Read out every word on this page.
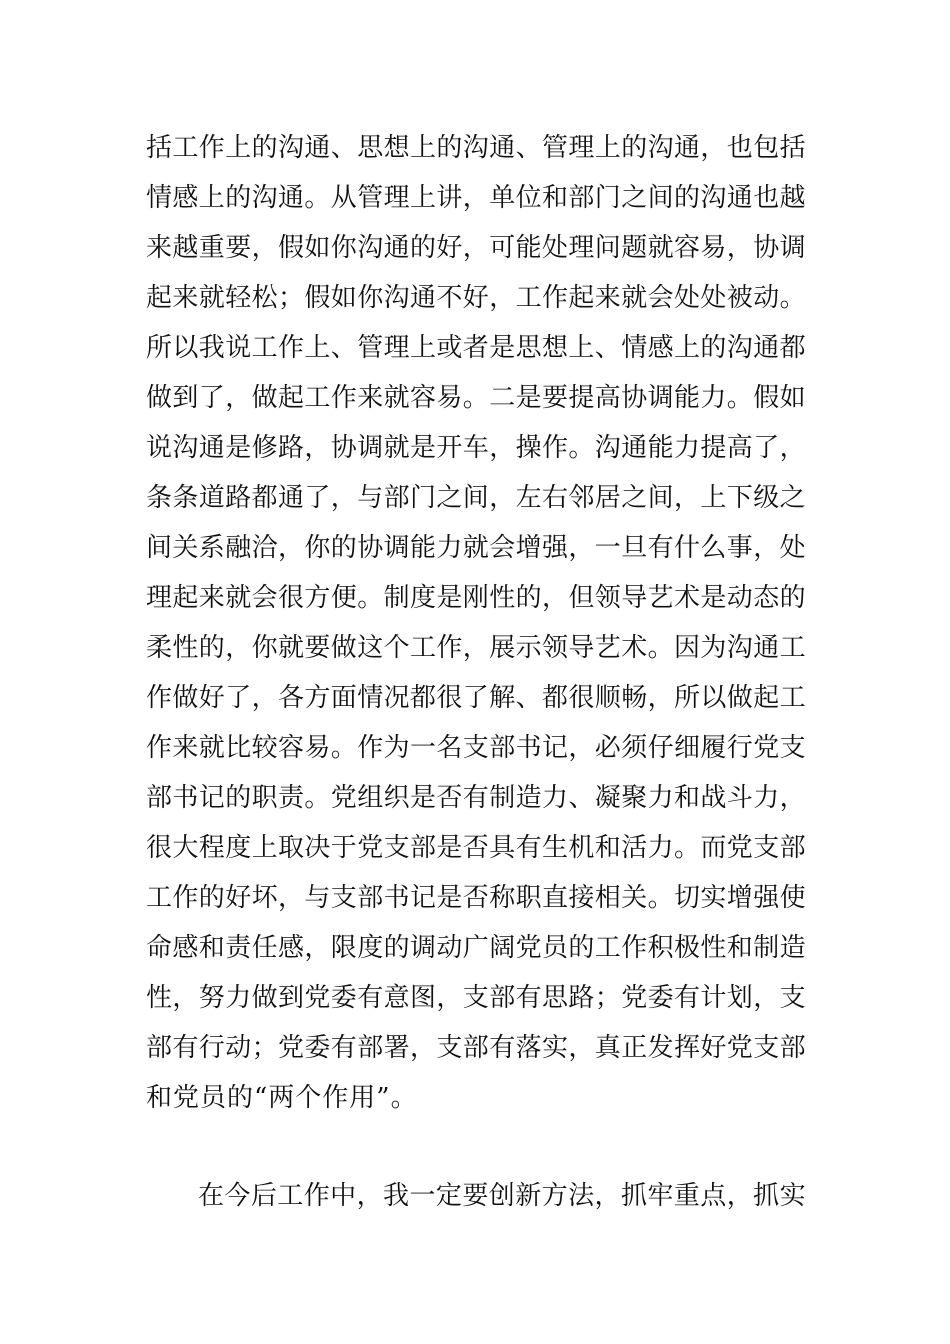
括工作上的沟通、思想上的沟通、管理上的沟通，也包括
情感上的沟通。从管理上讲，单位和部门之间的沟通也越
来越重要，假如你沟通的好，可能处理问题就容易，协调
起来就轻松；假如你沟通不好，工作起来就会处处被动。
所以我说工作上、管理上或者是思想上、情感上的沟通都
做到了，做起工作来就容易。二是要提高协调能力。假如
说沟通是修路，协调就是开车，操作。沟通能力提高了，
条条道路都通了，与部门之间，左右邻居之间，上下级之
间关系融洽，你的协调能力就会增强，一旦有什么事，处
理起来就会很方便。制度是刚性的，但领导艺术是动态的
柔性的，你就要做这个工作，展示领导艺术。因为沟通工
作做好了，各方面情况都很了解、都很顺畅，所以做起工
作来就比较容易。作为一名支部书记，必须仔细履行党支
部书记的职责。党组织是否有制造力、凝聚力和战斗力，
很大程度上取决于党支部是否具有生机和活力。而党支部
工作的好坏，与支部书记是否称职直接相关。切实增强使
命感和责任感，限度的调动广阔党员的工作积极性和制造
性，努力做到党委有意图，支部有思路；党委有计划，支
部有行动；党委有部署，支部有落实，真正发挥好党支部
和党员的“两个作用”。
在今后工作中，我一定要创新方法，抓牢重点，抓实
